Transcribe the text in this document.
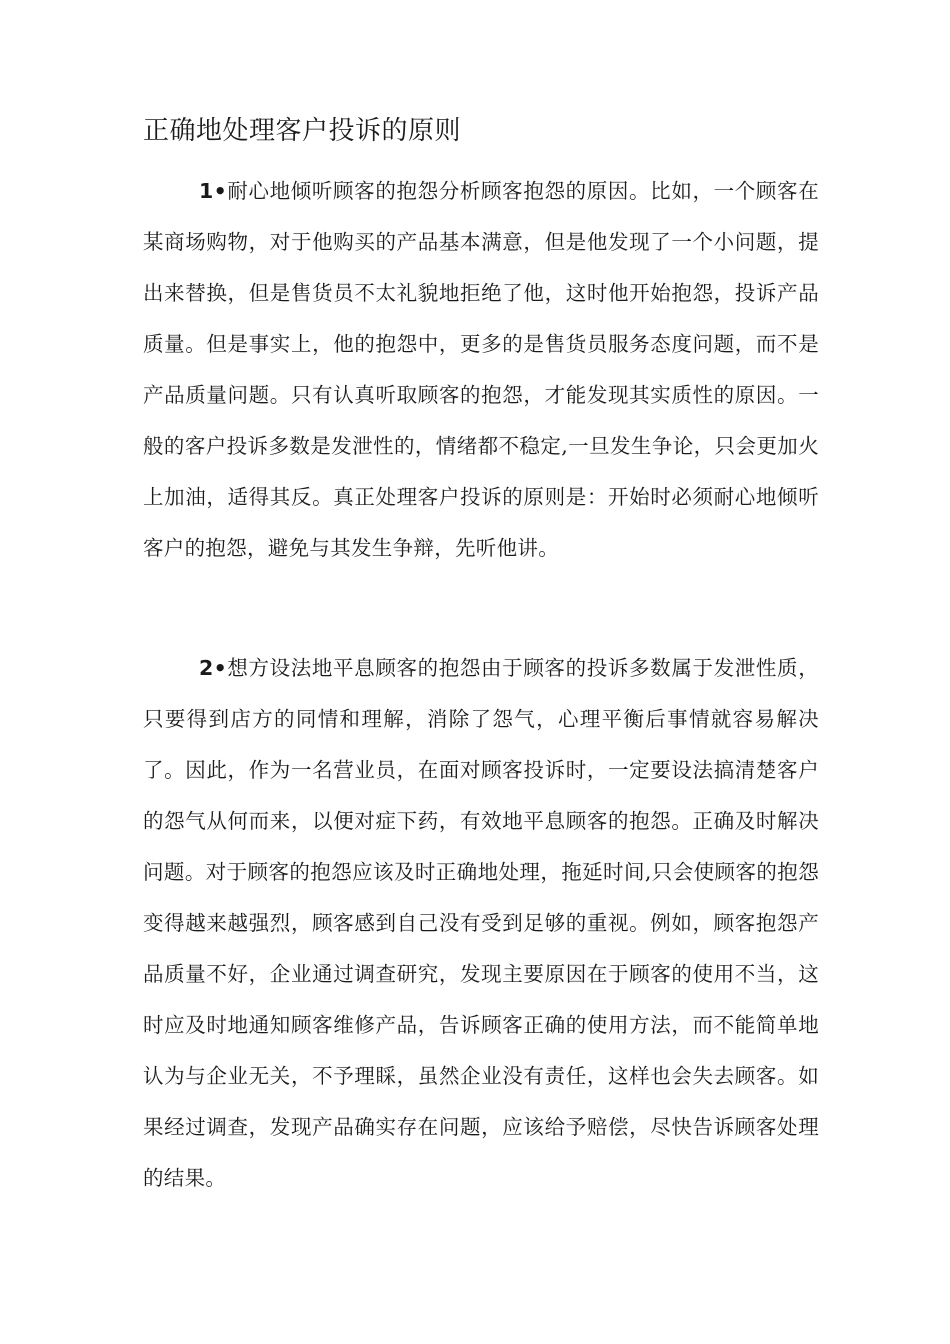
正确地处理客户投诉的原则

1•耐心地倾听顾客的抱怨分析顾客抱怨的原因。比如，一个顾客在某商场购物，对于他购买的产品基本满意，但是他发现了一个小问题，提出来替换，但是售货员不太礼貌地拒绝了他，这时他开始抱怨，投诉产品质量。但是事实上，他的抱怨中，更多的是售货员服务态度问题，而不是产品质量问题。只有认真听取顾客的抱怨，才能发现其实质性的原因。一般的客户投诉多数是发泄性的，情绪都不稳定,一旦发生争论，只会更加火上加油，适得其反。真正处理客户投诉的原则是：开始时必须耐心地倾听客户的抱怨，避免与其发生争辩，先听他讲。

2•想方设法地平息顾客的抱怨由于顾客的投诉多数属于发泄性质，只要得到店方的同情和理解，消除了怨气，心理平衡后事情就容易解决了。因此，作为一名营业员，在面对顾客投诉时，一定要设法搞清楚客户的怨气从何而来，以便对症下药，有效地平息顾客的抱怨。正确及时解决问题。对于顾客的抱怨应该及时正确地处理，拖延时间,只会使顾客的抱怨变得越来越强烈，顾客感到自己没有受到足够的重视。例如，顾客抱怨产品质量不好，企业通过调查研究，发现主要原因在于顾客的使用不当，这时应及时地通知顾客维修产品，告诉顾客正确的使用方法，而不能简单地认为与企业无关，不予理睬，虽然企业没有责任，这样也会失去顾客。如果经过调查，发现产品确实存在问题，应该给予赔偿，尽快告诉顾客处理的结果。
